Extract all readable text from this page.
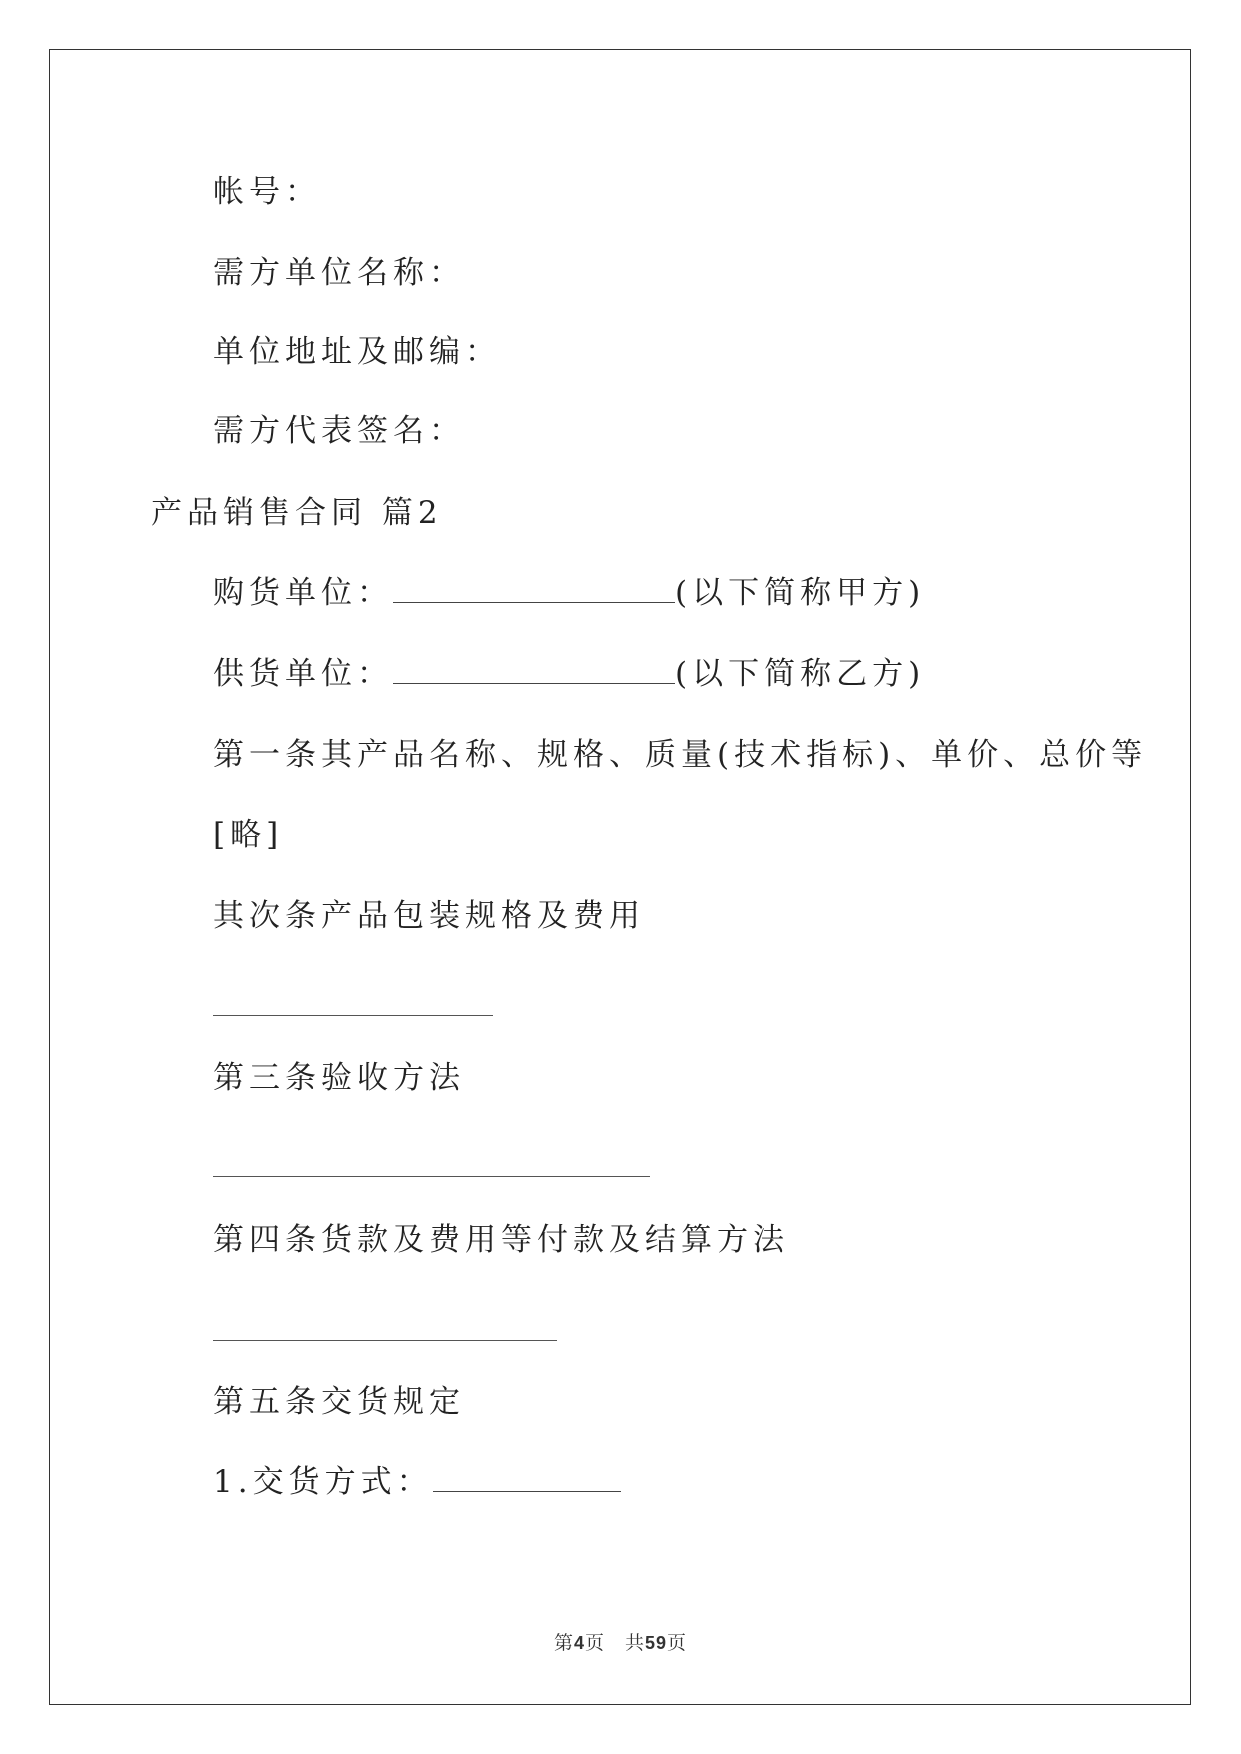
帐号：
需方单位名称：
单位地址及邮编：
需方代表签名：
产品销售合同 篇2
购货单位：	(以下简称甲方)
供货单位：	(以下简称乙方)
第一条其产品名称、规格、质量(技术指标)、单价、总价等
[略]
其次条产品包装规格及费用
第三条验收方法
第四条货款及费用等付款及结算方法
第五条交货规定
1.交货方式：
第4页　共59页
